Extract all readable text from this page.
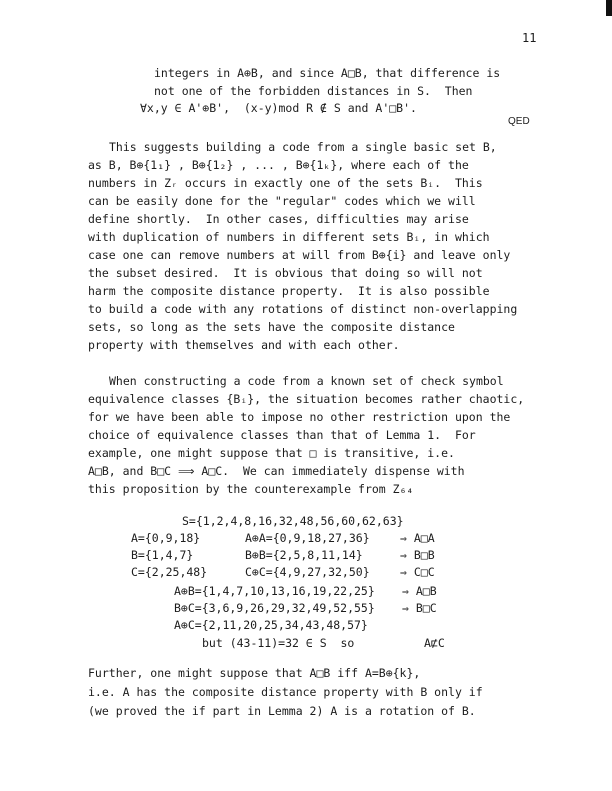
11
integers in A⊕B, and since A□B, that difference is
not one of the forbidden distances in S.  Then
∀x,y ∈ A'⊕B',  (x-y)mod R ∉ S and A'□B'.
QED
This suggests building a code from a single basic set B,
as B, B⊕{1₁} , B⊕{1₂} , ... , B⊕{1ₖ}, where each of the
numbers in Zᵣ occurs in exactly one of the sets Bᵢ.  This
can be easily done for the "regular" codes which we will
define shortly.  In other cases, difficulties may arise
with duplication of numbers in different sets Bᵢ, in which
case one can remove numbers at will from B⊕{i} and leave only
the subset desired.  It is obvious that doing so will not
harm the composite distance property.  It is also possible
to build a code with any rotations of distinct non-overlapping
sets, so long as the sets have the composite distance
property with themselves and with each other.
When constructing a code from a known set of check symbol
equivalence classes {Bᵢ}, the situation becomes rather chaotic,
for we have been able to impose no other restriction upon the
choice of equivalence classes than that of Lemma 1.  For
example, one might suppose that □ is transitive, i.e.
A□B, and B□C ⟹ A□C.  We can immediately dispense with
this proposition by the counterexample from Z₆₄
S={1,2,4,8,16,32,48,56,60,62,63}
A={0,9,18}	A⊕A={0,9,18,27,36}	⇒ A□A
B={1,4,7}	B⊕B={2,5,8,11,14}	⇒ B□B
C={2,25,48}	C⊕C={4,9,27,32,50}	⇒ C□C
A⊕B={1,4,7,10,13,16,19,22,25} ⇒ A□B
B⊕C={3,6,9,26,29,32,49,52,55} ⇒ B□C
A⊕C={2,11,20,25,34,43,48,57}
but (43-11)=32 ∈ S  so	A⋢C
Further, one might suppose that A□B iff A=B⊕{k},
i.e. A has the composite distance property with B only if
(we proved the if part in Lemma 2) A is a rotation of B.
